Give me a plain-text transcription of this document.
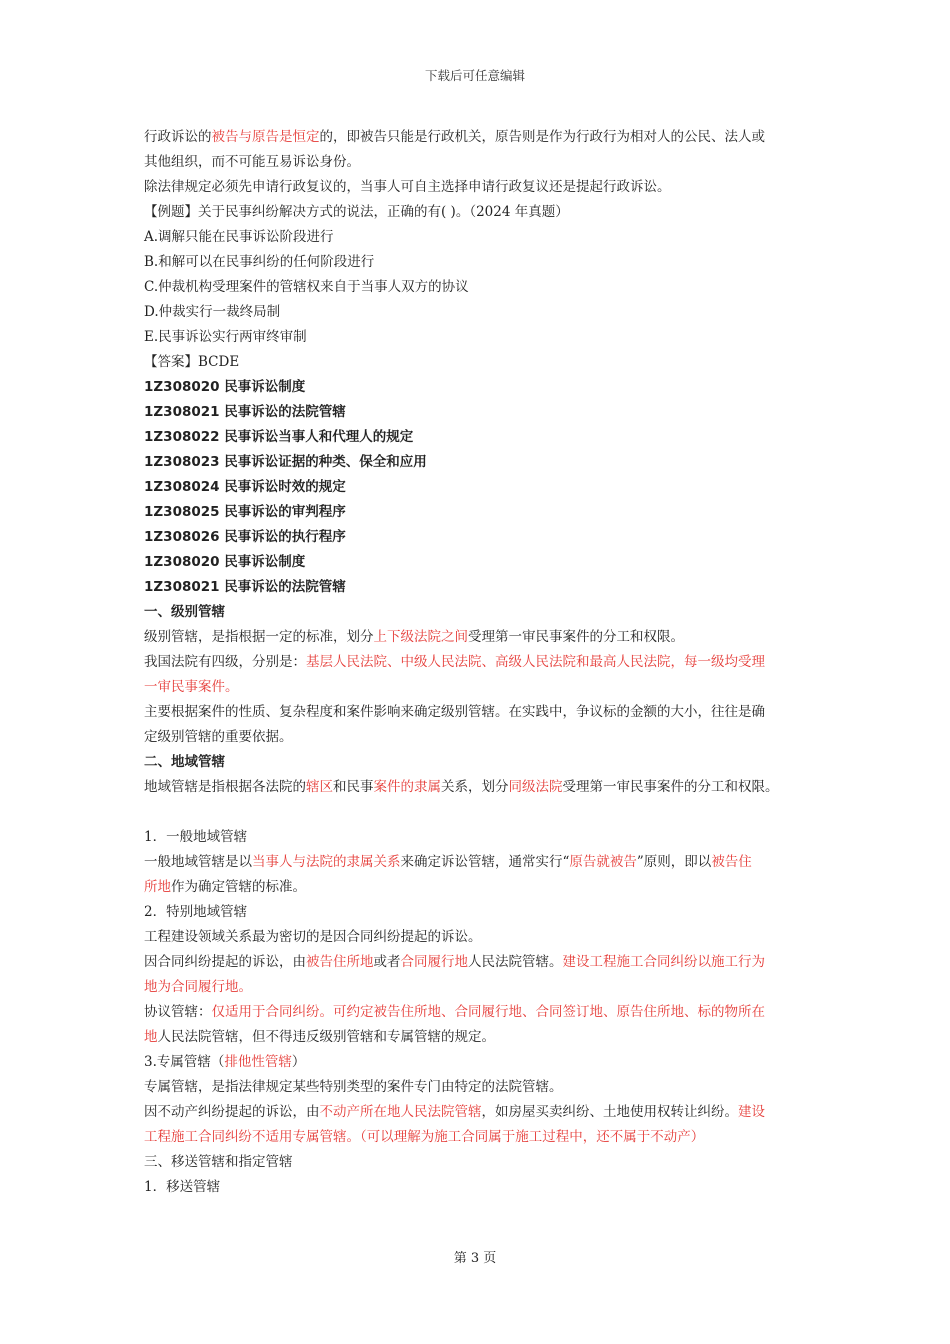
下载后可任意编辑
行政诉讼的被告与原告是恒定的，即被告只能是行政机关，原告则是作为行政行为相对人的公民、法人或
其他组织，而不可能互易诉讼身份。
除法律规定必须先申请行政复议的，当事人可自主选择申请行政复议还是提起行政诉讼。
【例题】关于民事纠纷解决方式的说法，正确的有( )。（2024 年真题）
A.调解只能在民事诉讼阶段进行
B.和解可以在民事纠纷的任何阶段进行
C.仲裁机构受理案件的管辖权来自于当事人双方的协议
D.仲裁实行一裁终局制
E.民事诉讼实行两审终审制
【答案】BCDE
1Z308020 民事诉讼制度
1Z308021 民事诉讼的法院管辖
1Z308022 民事诉讼当事人和代理人的规定
1Z308023 民事诉讼证据的种类、保全和应用
1Z308024 民事诉讼时效的规定
1Z308025 民事诉讼的审判程序
1Z308026 民事诉讼的执行程序
1Z308020 民事诉讼制度
1Z308021 民事诉讼的法院管辖
一、级别管辖
级别管辖，是指根据一定的标准，划分上下级法院之间受理第一审民事案件的分工和权限。
我国法院有四级，分别是：基层人民法院、中级人民法院、高级人民法院和最高人民法院，每一级均受理
一审民事案件。
主要根据案件的性质、复杂程度和案件影响来确定级别管辖。在实践中，争议标的金额的大小，往往是确
定级别管辖的重要依据。
二、地域管辖
地域管辖是指根据各法院的辖区和民事案件的隶属关系，划分同级法院受理第一审民事案件的分工和权限。
1．一般地域管辖
一般地域管辖是以当事人与法院的隶属关系来确定诉讼管辖，通常实行“原告就被告”原则，即以被告住
所地作为确定管辖的标准。
2．特别地域管辖
工程建设领域关系最为密切的是因合同纠纷提起的诉讼。
因合同纠纷提起的诉讼，由被告住所地或者合同履行地人民法院管辖。建设工程施工合同纠纷以施工行为
地为合同履行地。
协议管辖：仅适用于合同纠纷。可约定被告住所地、合同履行地、合同签订地、原告住所地、标的物所在
地人民法院管辖，但不得违反级别管辖和专属管辖的规定。
3.专属管辖（排他性管辖）
专属管辖，是指法律规定某些特别类型的案件专门由特定的法院管辖。
因不动产纠纷提起的诉讼，由不动产所在地人民法院管辖，如房屋买卖纠纷、土地使用权转让纠纷。建设
工程施工合同纠纷不适用专属管辖。（可以理解为施工合同属于施工过程中，还不属于不动产）
三、移送管辖和指定管辖
1．移送管辖
第 3 页
